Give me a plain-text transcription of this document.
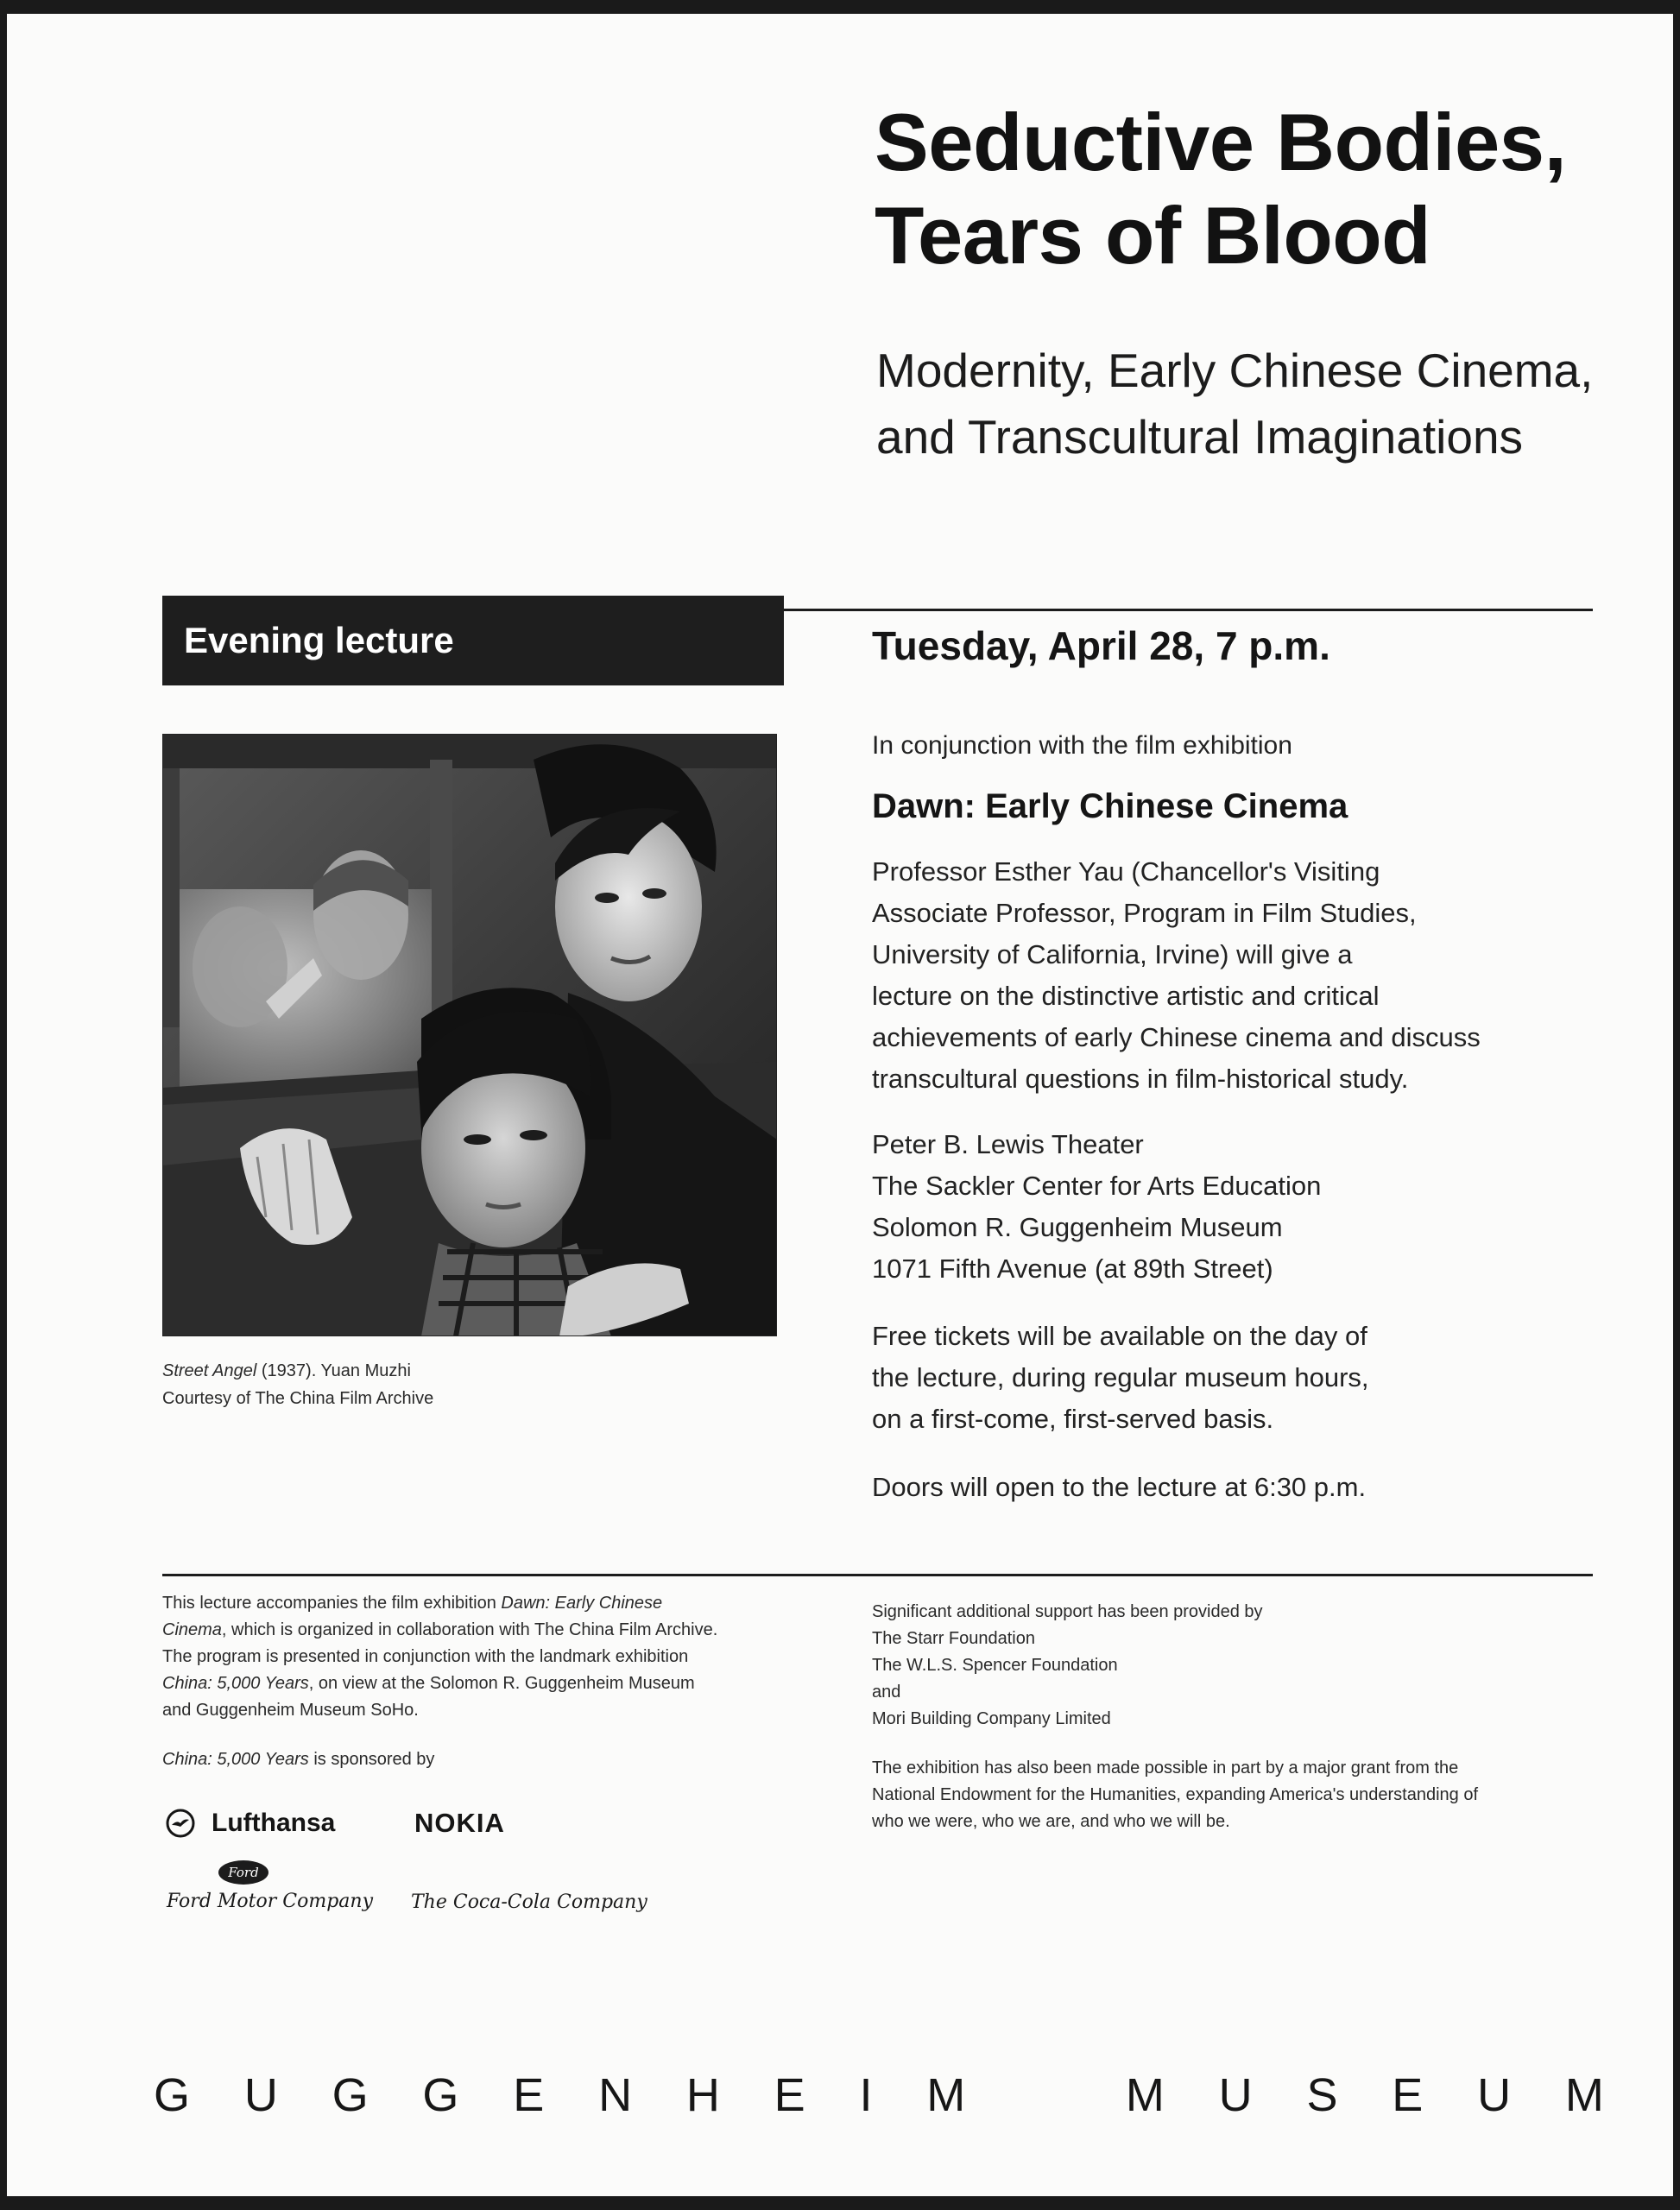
Seductive Bodies,
Tears of Blood
Modernity, Early Chinese Cinema,
and Transcultural Imaginations
Evening lecture
Street Angel (1937). Yuan Muzhi
Courtesy of The China Film Archive
Tuesday, April 28, 7 p.m.
In conjunction with the film exhibition
Dawn: Early Chinese Cinema
Professor Esther Yau (Chancellor's Visiting
Associate Professor, Program in Film Studies,
University of California, Irvine) will give a
lecture on the distinctive artistic and critical
achievements of early Chinese cinema and discuss
transcultural questions in film-historical study.
Peter B. Lewis Theater
The Sackler Center for Arts Education
Solomon R. Guggenheim Museum
1071 Fifth Avenue (at 89th Street)
Free tickets will be available on the day of
the lecture, during regular museum hours,
on a first-come, first-served basis.
Doors will open to the lecture at 6:30 p.m.
This lecture accompanies the film exhibition Dawn: Early Chinese
Cinema, which is organized in collaboration with The China Film Archive.
The program is presented in conjunction with the landmark exhibition
China: 5,000 Years, on view at the Solomon R. Guggenheim Museum
and Guggenheim Museum SoHo.
China: 5,000 Years is sponsored by
Lufthansa	NOKIA
Ford
Ford Motor Company The Coca-Cola Company
Significant additional support has been provided by
The Starr Foundation
The W.L.S. Spencer Foundation
and
Mori Building Company Limited
The exhibition has also been made possible in part by a major grant from the
National Endowment for the Humanities, expanding America's understanding of
who we were, who we are, and who we will be.
G U G G E N H E I M	M U S E U M
